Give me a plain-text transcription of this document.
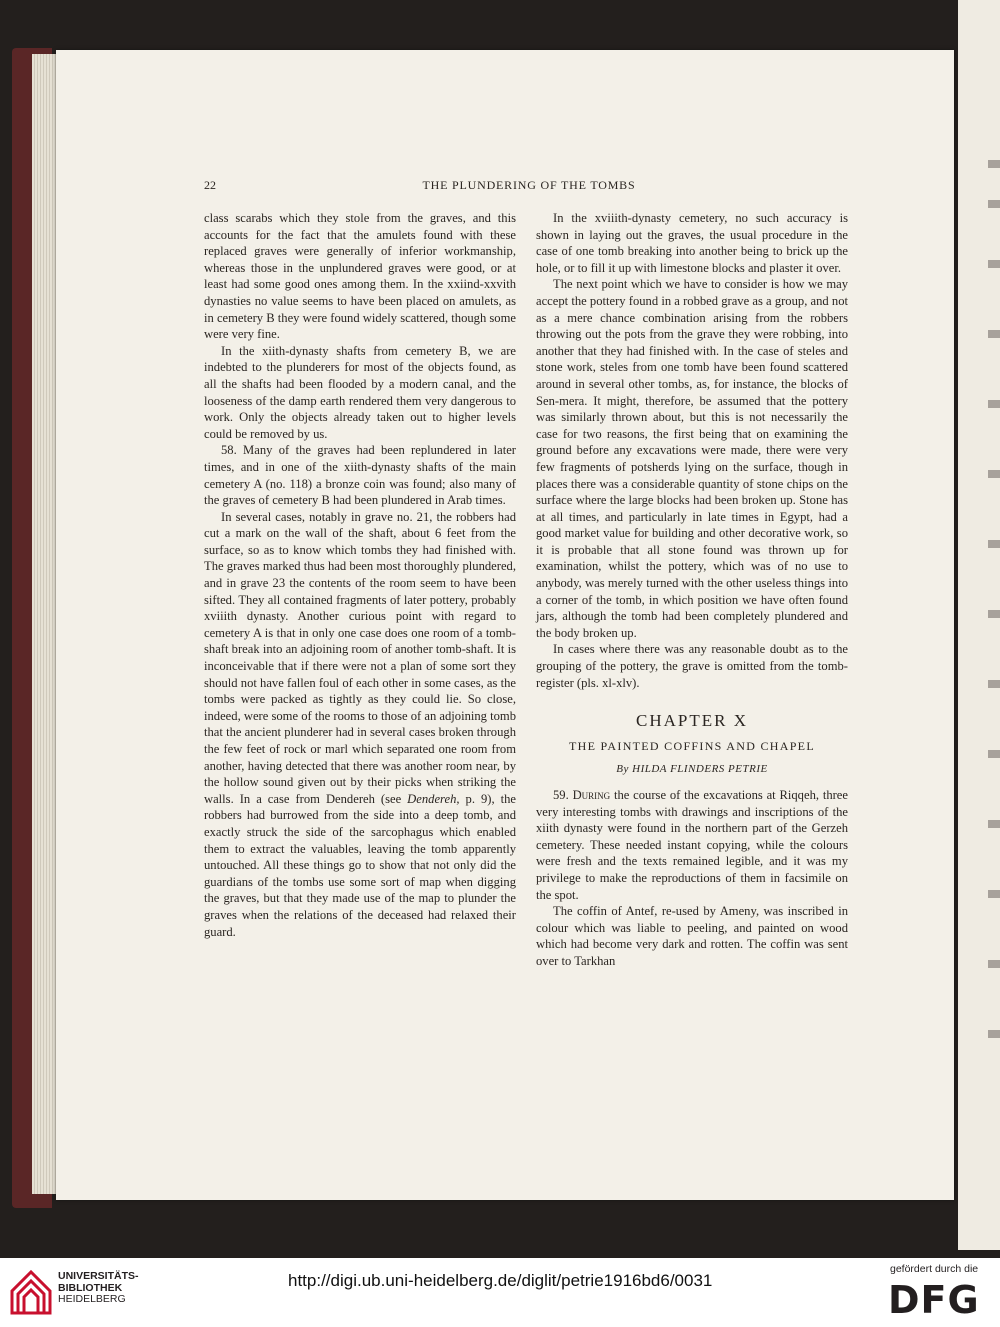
22	THE PLUNDERING OF THE TOMBS

class scarabs which they stole from the graves, and this accounts for the fact that the amulets found with these replaced graves were generally of inferior workmanship, whereas those in the unplundered graves were good, or at least had some good ones among them. In the xxiind-xxvith dynasties no value seems to have been placed on amulets, as in cemetery B they were found widely scattered, though some were very fine.

In the xiith-dynasty shafts from cemetery B, we are indebted to the plunderers for most of the objects found, as all the shafts had been flooded by a modern canal, and the looseness of the damp earth rendered them very dangerous to work. Only the objects already taken out to higher levels could be removed by us.

58. Many of the graves had been replundered in later times, and in one of the xiith-dynasty shafts of the main cemetery A (no. 118) a bronze coin was found; also many of the graves of cemetery B had been plundered in Arab times.

In several cases, notably in grave no. 21, the robbers had cut a mark on the wall of the shaft, about 6 feet from the surface, so as to know which tombs they had finished with. The graves marked thus had been most thoroughly plundered, and in grave 23 the contents of the room seem to have been sifted. They all contained fragments of later pottery, probably xviiith dynasty. Another curious point with regard to cemetery A is that in only one case does one room of a tomb-shaft break into an adjoining room of another tomb-shaft. It is inconceivable that if there were not a plan of some sort they should not have fallen foul of each other in some cases, as the tombs were packed as tightly as they could lie. So close, indeed, were some of the rooms to those of an adjoining tomb that the ancient plunderer had in several cases broken through the few feet of rock or marl which separated one room from another, having detected that there was another room near, by the hollow sound given out by their picks when striking the walls. In a case from Dendereh (see Dendereh, p. 9), the robbers had burrowed from the side into a deep tomb, and exactly struck the side of the sarcophagus which enabled them to extract the valuables, leaving the tomb apparently untouched. All these things go to show that not only did the guardians of the tombs use some sort of map when digging the graves, but that they made use of the map to plunder the graves when the relations of the deceased had relaxed their guard.

In the xviiith-dynasty cemetery, no such accuracy is shown in laying out the graves, the usual procedure in the case of one tomb breaking into another being to brick up the hole, or to fill it up with limestone blocks and plaster it over.

The next point which we have to consider is how we may accept the pottery found in a robbed grave as a group, and not as a mere chance combination arising from the robbers throwing out the pots from the grave they were robbing, into another that they had finished with. In the case of steles and stone work, steles from one tomb have been found scattered around in several other tombs, as, for instance, the blocks of Sen-mera. It might, therefore, be assumed that the pottery was similarly thrown about, but this is not necessarily the case for two reasons, the first being that on examining the ground before any excavations were made, there were very few fragments of potsherds lying on the surface, though in places there was a considerable quantity of stone chips on the surface where the large blocks had been broken up. Stone has at all times, and particularly in late times in Egypt, had a good market value for building and other decorative work, so it is probable that all stone found was thrown up for examination, whilst the pottery, which was of no use to anybody, was merely turned with the other useless things into a corner of the tomb, in which position we have often found jars, although the tomb had been completely plundered and the body broken up.

In cases where there was any reasonable doubt as to the grouping of the pottery, the grave is omitted from the tomb-register (pls. xl-xlv).

CHAPTER X
THE PAINTED COFFINS AND CHAPEL
By HILDA FLINDERS PETRIE

59. During the course of the excavations at Riqqeh, three very interesting tombs with drawings and inscriptions of the xiith dynasty were found in the northern part of the Gerzeh cemetery. These needed instant copying, while the colours were fresh and the texts remained legible, and it was my privilege to make the reproductions of them in facsimile on the spot.

The coffin of Antef, re-used by Ameny, was inscribed in colour which was liable to peeling, and painted on wood which had become very dark and rotten. The coffin was sent over to Tarkhan

UNIVERSITÄTS-
BIBLIOTHEK
HEIDELBERG
http://digi.ub.uni-heidelberg.de/diglit/petrie1916bd6/0031
gefördert durch die
DFG
